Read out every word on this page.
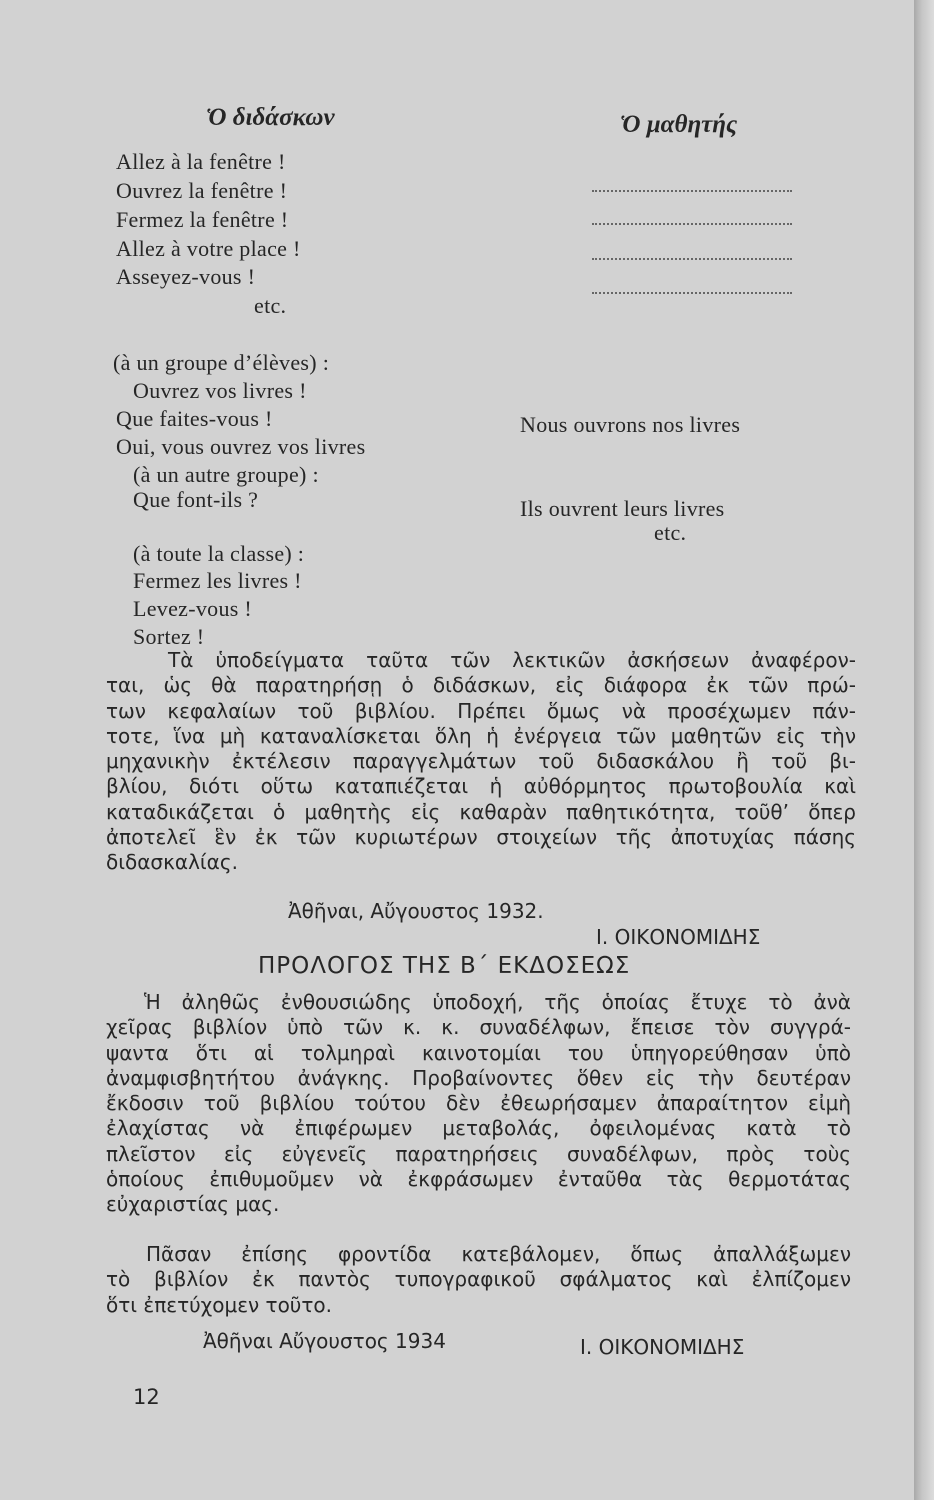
Ὁ διδάσκων	Ὁ μαθητής
Allez à la fenêtre !
Ouvrez la fenêtre !
Fermez la fenêtre !
Allez à votre place !
Asseyez-vous !
etc.
(à un groupe d’élèves) :
Ouvrez vos livres !
Que faites-vous !
Oui, vous ouvrez vos livres
(à un autre groupe) :
Que font-ils ?
Nous ouvrons nos livres
Ils ouvrent leurs livres
etc.
(à toute la classe) :
Fermez les livres !
Levez-vous !
Sortez !
Τὰ ὑποδείγματα ταῦτα τῶν λεκτικῶν ἀσκήσεων ἀναφέρον-
ται, ὡς θὰ παρατηρήσῃ ὁ διδάσκων, εἰς διάφορα ἐκ τῶν πρώ-
των κεφαλαίων τοῦ βιβλίου. Πρέπει ὅμως νὰ προσέχωμεν πάν-
τοτε, ἵνα μὴ καταναλίσκεται ὅλη ἡ ἐνέργεια τῶν μαθητῶν εἰς τὴν
μηχανικὴν ἐκτέλεσιν παραγγελμάτων τοῦ διδασκάλου ἢ τοῦ βι-
βλίου, διότι οὕτω καταπιέζεται ἡ αὐθόρμητος πρωτοβουλία καὶ
καταδικάζεται ὁ μαθητὴς εἰς καθαρὰν παθητικότητα, τοῦθ’ ὅπερ
ἀποτελεῖ ἓν ἐκ τῶν κυριωτέρων στοιχείων τῆς ἀποτυχίας πάσης
διδασκαλίας.
Ἀθῆναι, Αὔγουστος 1932.
Ι. ΟΙΚΟΝΟΜΙΔΗΣ
ΠΡΟΛΟΓΟΣ ΤΗΣ Β΄ ΕΚΔΟΣΕΩΣ
Ἡ ἀληθῶς ἐνθουσιώδης ὑποδοχή, τῆς ὁποίας ἔτυχε τὸ ἀνὰ
χεῖρας βιβλίον ὑπὸ τῶν κ. κ. συναδέλφων, ἔπεισε τὸν συγγρά-
ψαντα ὅτι αἱ τολμηραὶ καινοτομίαι του ὑπηγορεύθησαν ὑπὸ
ἀναμφισβητήτου ἀνάγκης. Προβαίνοντες ὅθεν εἰς τὴν δευτέραν
ἔκδοσιν τοῦ βιβλίου τούτου δὲν ἐθεωρήσαμεν ἀπαραίτητον εἰμὴ
ἐλαχίστας νὰ ἐπιφέρωμεν μεταβολάς, ὀφειλομένας κατὰ τὸ
πλεῖστον εἰς εὐγενεῖς παρατηρήσεις συναδέλφων, πρὸς τοὺς
ὁποίους ἐπιθυμοῦμεν νὰ ἐκφράσωμεν ἐνταῦθα τὰς θερμοτάτας
εὐχαριστίας μας.
Πᾶσαν ἐπίσης φροντίδα κατεβάλομεν, ὅπως ἀπαλλάξωμεν
τὸ βιβλίον ἐκ παντὸς τυπογραφικοῦ σφάλματος καὶ ἐλπίζομεν
ὅτι ἐπετύχομεν τοῦτο.
Ἀθῆναι Αὔγουστος 1934	Ι. ΟΙΚΟΝΟΜΙΔΗΣ
12
